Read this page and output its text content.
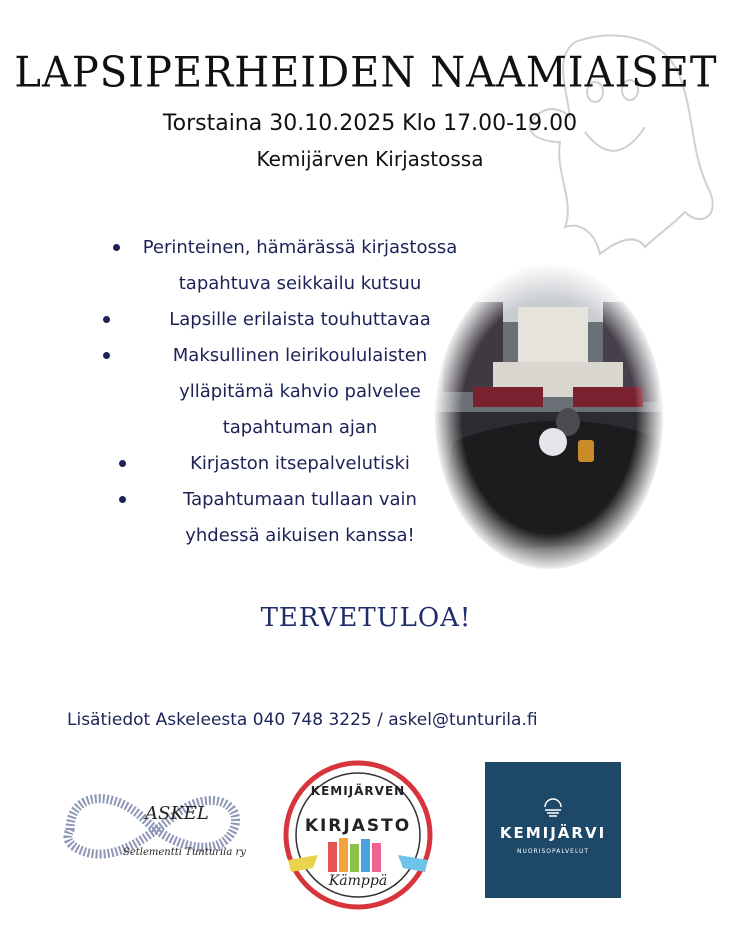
LAPSIPERHEIDEN NAAMIAISET
Torstaina 30.10.2025 Klo 17.00-19.00
Kemijärven Kirjastossa
Perinteinen, hämärässä kirjastossa
tapahtuva seikkailu kutsuu
Lapsille erilaista touhuttavaa
Maksullinen leirikoululaisten
ylläpitämä kahvio palvelee
tapahtuman ajan
Kirjaston itsepalvelutiski
Tapahtumaan tullaan vain
yhdessä aikuisen kanssa!
TERVETULOA!
Lisätiedot Askeleesta 040 748 3225 / askel@tunturila.fi
ASKEL
Setlementti Tunturila ry
KEMIJÄRVEN
KIRJASTO
Kämppä
KEMIJÄRVI
NUORISOPALVELUT
